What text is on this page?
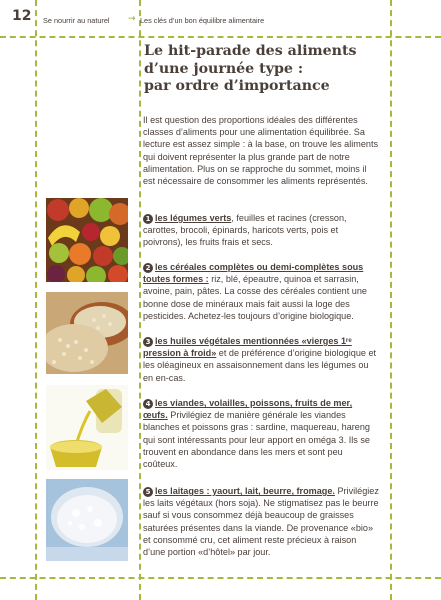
12 Se nourrir au naturel → Les clés d’un bon équilibre alimentaire
Le hit-parade des aliments
d’une journée type :
par ordre d’importance

Il est question des proportions idéales des différentes classes d’aliments pour une alimentation équilibrée. Sa lecture est assez simple : à la base, on trouve les aliments qui doivent représenter la plus grande part de notre alimentation. Plus on se rapproche du sommet, moins il est nécessaire de consommer les aliments représentés.

1 les légumes verts, feuilles et racines (cresson, carottes, brocoli, épinards, haricots verts, pois et poivrons), les fruits frais et secs.
2 les céréales complètes ou demi-complètes sous toutes formes : riz, blé, épeautre, quinoa et sarrasin, avoine, pain, pâtes. La cosse des céréales contient une bonne dose de minéraux mais fait aussi la loge des pesticides. Achetez-les toujours d’origine biologique.
3 les huiles végétales mentionnées «vierges 1ʳᵉ pression à froid» et de préférence d’origine biologique et les oléagineux en assaisonnement dans les légumes ou en en-cas.
4 les viandes, volailles, poissons, fruits de mer, œufs. Privilégiez de manière générale les viandes blanches et poissons gras : sardine, maquereau, hareng qui sont intéressants pour leur apport en oméga 3. Ils se trouvent en abondance dans les mers et sont peu coûteux.
5 les laitages : yaourt, lait, beurre, fromage. Privilégiez les laits végétaux (hors soja). Ne stigmatisez pas le beurre sauf si vous consommez déjà beaucoup de graisses saturées présentes dans la viande. De provenance «bio» et consommé cru, cet aliment reste précieux à raison d’une portion «d’hôtel» par jour.
